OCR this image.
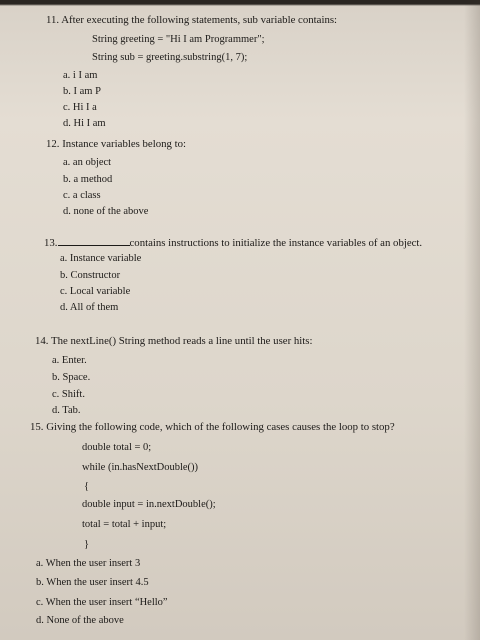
11. After executing the following statements, sub variable contains:
String greeting = "Hi I am Programmer";
String sub = greeting.substring(1, 7);
a. i I am
b. I am P
c. Hi I a
d. Hi I am
12. Instance variables belong to:
a. an object
b. a method
c. a class
d. none of the above
13.	contains instructions to initialize the instance variables of an object.
a. Instance variable
b. Constructor
c. Local variable
d. All of them
14. The nextLine() String method reads a line until the user hits:
a. Enter.
b. Space.
c. Shift.
d. Tab.
15. Giving the following code, which of the following cases causes the loop to stop?
double total = 0;
while (in.hasNextDouble())
{
double input = in.nextDouble();
total = total + input;
}
a. When the user insert 3
b. When the user insert 4.5
c. When the user insert “Hello”
d. None of the above
